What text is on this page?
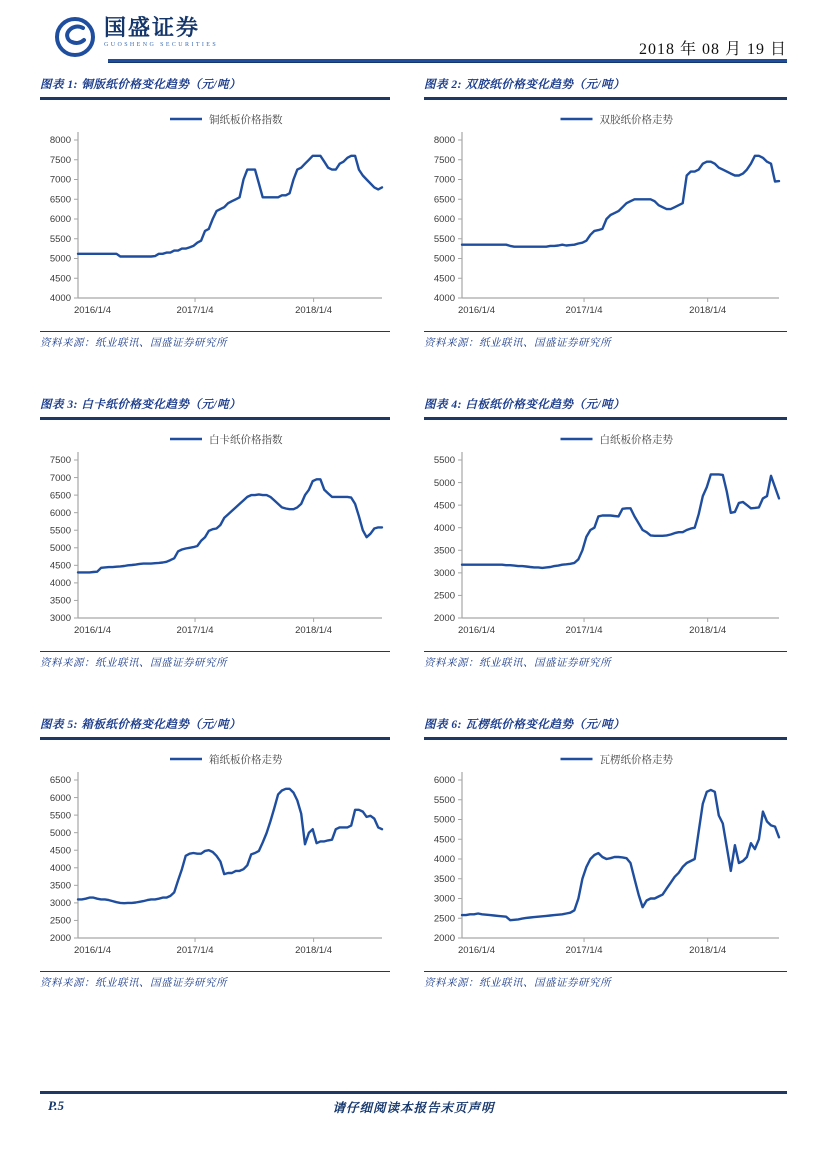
国盛证券
GUOSHENG SECURITIES	2018 年 08 月 19 日
图表 1: 铜版纸价格变化趋势（元/吨）
铜纸板价格指数
4000
4500
5000
5500
6000
6500
7000
7500
8000
2016/1/4	2017/1/4	2018/1/4
资料来源：纸业联讯、国盛证券研究所
图表 2: 双胶纸价格变化趋势（元/吨）
双胶纸价格走势
4000
4500
5000
5500
6000
6500
7000
7500
8000
2016/1/4	2017/1/4	2018/1/4
资料来源：纸业联讯、国盛证券研究所
图表 3: 白卡纸价格变化趋势（元/吨）
白卡纸价格指数
3000
3500
4000
4500
5000
5500
6000
6500
7000
7500
2016/1/4	2017/1/4	2018/1/4
资料来源：纸业联讯、国盛证券研究所
图表 4: 白板纸价格变化趋势（元/吨）
白纸板价格走势
2000
2500
3000
3500
4000
4500
5000
5500
2016/1/4	2017/1/4	2018/1/4
资料来源：纸业联讯、国盛证券研究所
图表 5: 箱板纸价格变化趋势（元/吨）
箱纸板价格走势
2000
2500
3000
3500
4000
4500
5000
5500
6000
6500
2016/1/4	2017/1/4	2018/1/4
资料来源：纸业联讯、国盛证券研究所
图表 6: 瓦楞纸价格变化趋势（元/吨）
瓦楞纸价格走势
2000
2500
3000
3500
4000
4500
5000
5500
6000
2016/1/4	2017/1/4	2018/1/4
资料来源：纸业联讯、国盛证券研究所
P.5	请仔细阅读本报告末页声明
